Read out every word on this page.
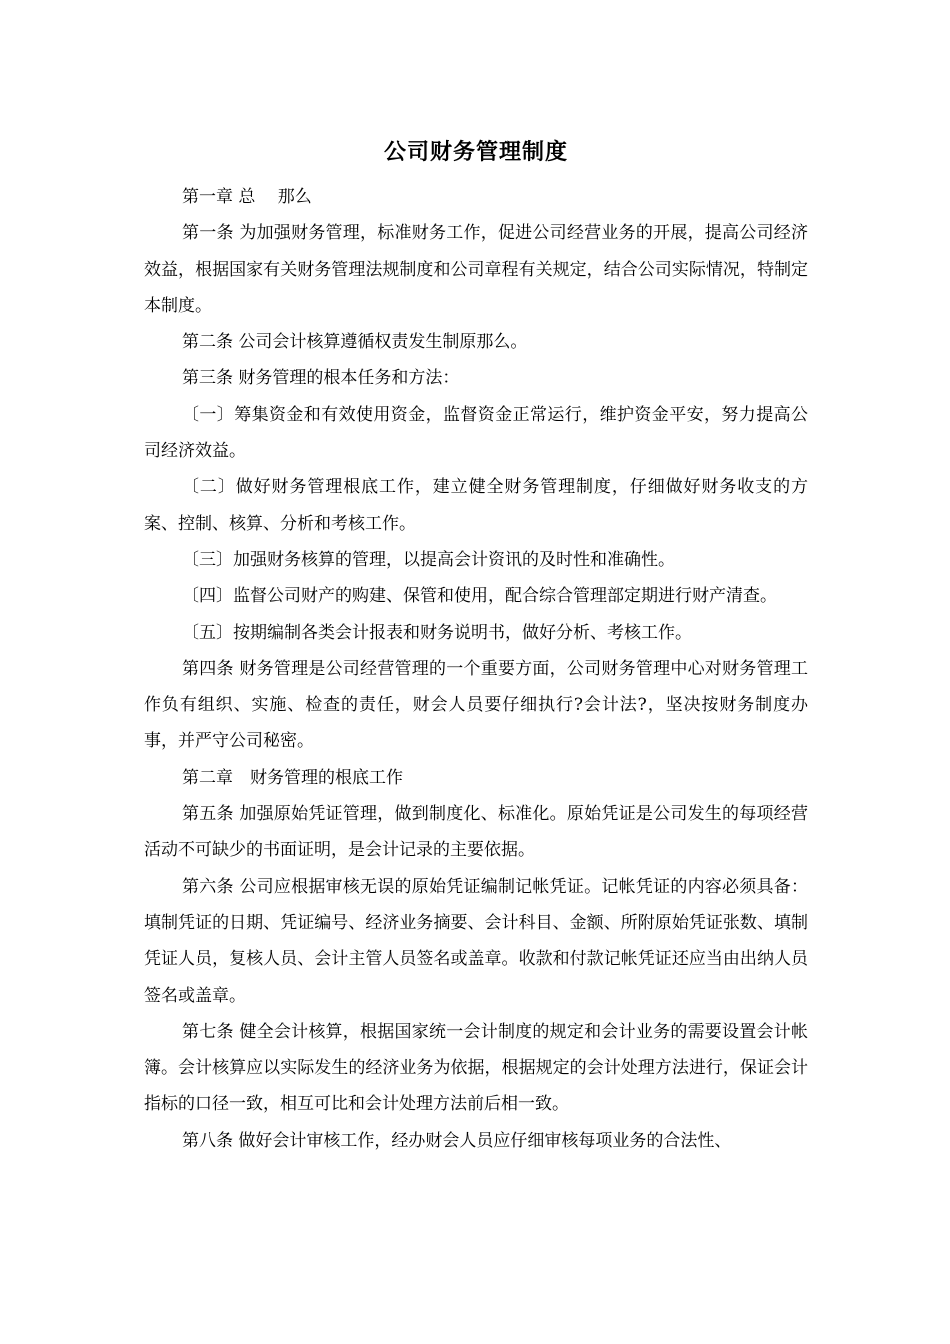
公司财务管理制度

第一章 总　 那么

第一条 为加强财务管理，标准财务工作，促进公司经营业务的开展，提高公司经济效益，根据国家有关财务管理法规制度和公司章程有关规定，结合公司实际情况，特制定本制度。

第二条 公司会计核算遵循权责发生制原那么。

第三条 财务管理的根本任务和方法：

〔一〕筹集资金和有效使用资金，监督资金正常运行，维护资金平安，努力提高公司经济效益。

〔二〕做好财务管理根底工作，建立健全财务管理制度，仔细做好财务收支的方案、控制、核算、分析和考核工作。

〔三〕加强财务核算的管理，以提高会计资讯的及时性和准确性。

〔四〕监督公司财产的购建、保管和使用，配合综合管理部定期进行财产清查。

〔五〕按期编制各类会计报表和财务说明书，做好分析、考核工作。

第四条 财务管理是公司经营管理的一个重要方面，公司财务管理中心对财务管理工作负有组织、实施、检查的责任，财会人员要仔细执行?会计法?，坚决按财务制度办事，并严守公司秘密。

第二章　财务管理的根底工作

第五条 加强原始凭证管理，做到制度化、标准化。原始凭证是公司发生的每项经营活动不可缺少的书面证明，是会计记录的主要依据。

第六条 公司应根据审核无误的原始凭证编制记帐凭证。记帐凭证的内容必须具备：填制凭证的日期、凭证编号、经济业务摘要、会计科目、金额、所附原始凭证张数、填制凭证人员，复核人员、会计主管人员签名或盖章。收款和付款记帐凭证还应当由出纳人员签名或盖章。

第七条 健全会计核算，根据国家统一会计制度的规定和会计业务的需要设置会计帐簿。会计核算应以实际发生的经济业务为依据，根据规定的会计处理方法进行，保证会计指标的口径一致，相互可比和会计处理方法前后相一致。

第八条 做好会计审核工作，经办财会人员应仔细审核每项业务的合法性、
